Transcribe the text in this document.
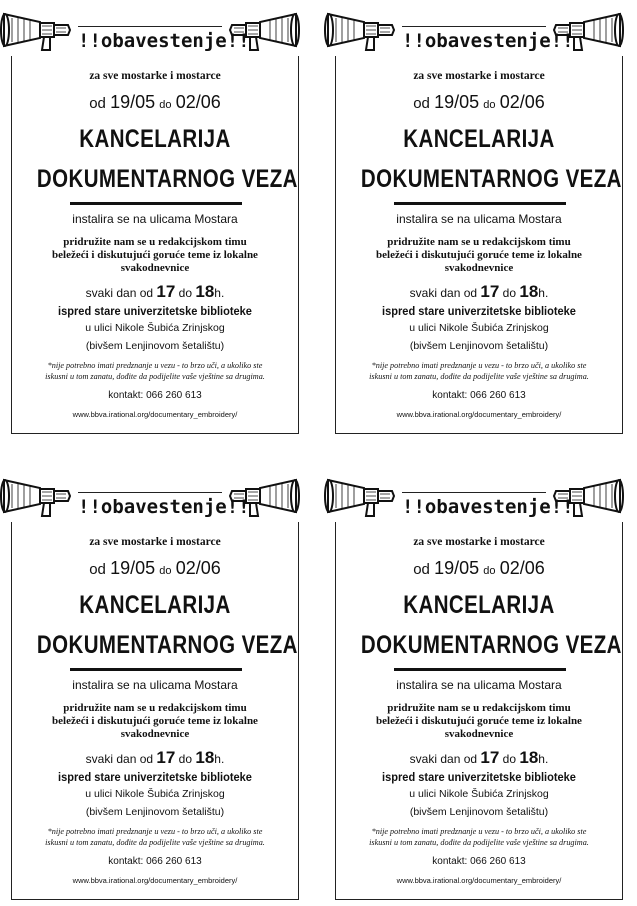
!!obavestenje!!
za sve mostarke i mostarce
od 19/05 do 02/06
KANCELARIJA
DOKUMENTARNOG VEZA
instalira se na ulicama Mostara
pridružite nam se u redakcijskom timu
beležeći i diskutujući goruće teme iz lokalne
svakodnevnice
svaki dan od 17 do 18h.
ispred stare univerzitetske biblioteke
u ulici Nikole Šubića Zrinjskog
(bivšem Lenjinovom šetalištu)
*nije potrebno imati predznanje u vezu - to brzo uči, a ukoliko ste
iskusni u tom zanatu, dođite da podijelite vaše vještine sa drugima.
kontakt: 066 260 613
www.bbva.irational.org/documentary_embroidery/
!!obavestenje!!
za sve mostarke i mostarce
od 19/05 do 02/06
KANCELARIJA
DOKUMENTARNOG VEZA
instalira se na ulicama Mostara
pridružite nam se u redakcijskom timu
beležeći i diskutujući goruće teme iz lokalne
svakodnevnice
svaki dan od 17 do 18h.
ispred stare univerzitetske biblioteke
u ulici Nikole Šubića Zrinjskog
(bivšem Lenjinovom šetalištu)
*nije potrebno imati predznanje u vezu - to brzo uči, a ukoliko ste
iskusni u tom zanatu, dođite da podijelite vaše vještine sa drugima.
kontakt: 066 260 613
www.bbva.irational.org/documentary_embroidery/
!!obavestenje!!
za sve mostarke i mostarce
od 19/05 do 02/06
KANCELARIJA
DOKUMENTARNOG VEZA
instalira se na ulicama Mostara
pridružite nam se u redakcijskom timu
beležeći i diskutujući goruće teme iz lokalne
svakodnevnice
svaki dan od 17 do 18h.
ispred stare univerzitetske biblioteke
u ulici Nikole Šubića Zrinjskog
(bivšem Lenjinovom šetalištu)
*nije potrebno imati predznanje u vezu - to brzo uči, a ukoliko ste
iskusni u tom zanatu, dođite da podijelite vaše vještine sa drugima.
kontakt: 066 260 613
www.bbva.irational.org/documentary_embroidery/
!!obavestenje!!
za sve mostarke i mostarce
od 19/05 do 02/06
KANCELARIJA
DOKUMENTARNOG VEZA
instalira se na ulicama Mostara
pridružite nam se u redakcijskom timu
beležeći i diskutujući goruće teme iz lokalne
svakodnevnice
svaki dan od 17 do 18h.
ispred stare univerzitetske biblioteke
u ulici Nikole Šubića Zrinjskog
(bivšem Lenjinovom šetalištu)
*nije potrebno imati predznanje u vezu - to brzo uči, a ukoliko ste
iskusni u tom zanatu, dođite da podijelite vaše vještine sa drugima.
kontakt: 066 260 613
www.bbva.irational.org/documentary_embroidery/
